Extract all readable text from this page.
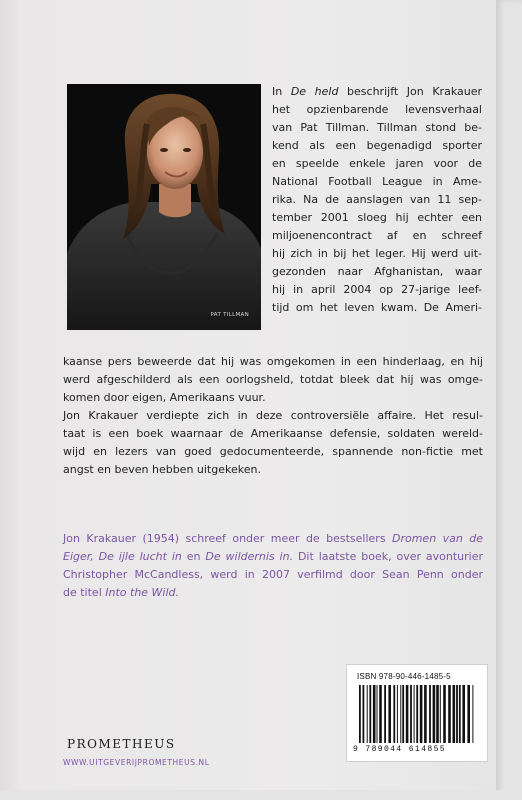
PAT TILLMAN
In De held beschrijft Jon Krakauer
het opzienbarende levensverhaal
van Pat Tillman. Tillman stond be-
kend als een begenadigd sporter
en speelde enkele jaren voor de
National Football League in Ame-
rika. Na de aanslagen van 11 sep-
tember 2001 sloeg hij echter een
miljoenencontract af en schreef
hij zich in bij het leger. Hij werd uit-
gezonden naar Afghanistan, waar
hij in april 2004 op 27-jarige leef-
tijd om het leven kwam. De Ameri-
kaanse pers beweerde dat hij was omgekomen in een hinderlaag, en hij
werd afgeschilderd als een oorlogsheld, totdat bleek dat hij was omge-
komen door eigen, Amerikaans vuur.
Jon Krakauer verdiepte zich in deze controversiële affaire. Het resul-
taat is een boek waarnaar de Amerikaanse defensie, soldaten wereld-
wijd en lezers van goed gedocumenteerde, spannende non-fictie met
angst en beven hebben uitgekeken.
Jon Krakauer (1954) schreef onder meer de bestsellers Dromen van de
Eiger, De ijle lucht in en De wildernis in. Dit laatste boek, over avonturier
Christopher McCandless, werd in 2007 verfilmd door Sean Penn onder
de titel Into the Wild.
ISBN 978-90-446-1485-5
9 789044 614855
PROMETHEUS
WWW.UITGEVERIJPROMETHEUS.NL
